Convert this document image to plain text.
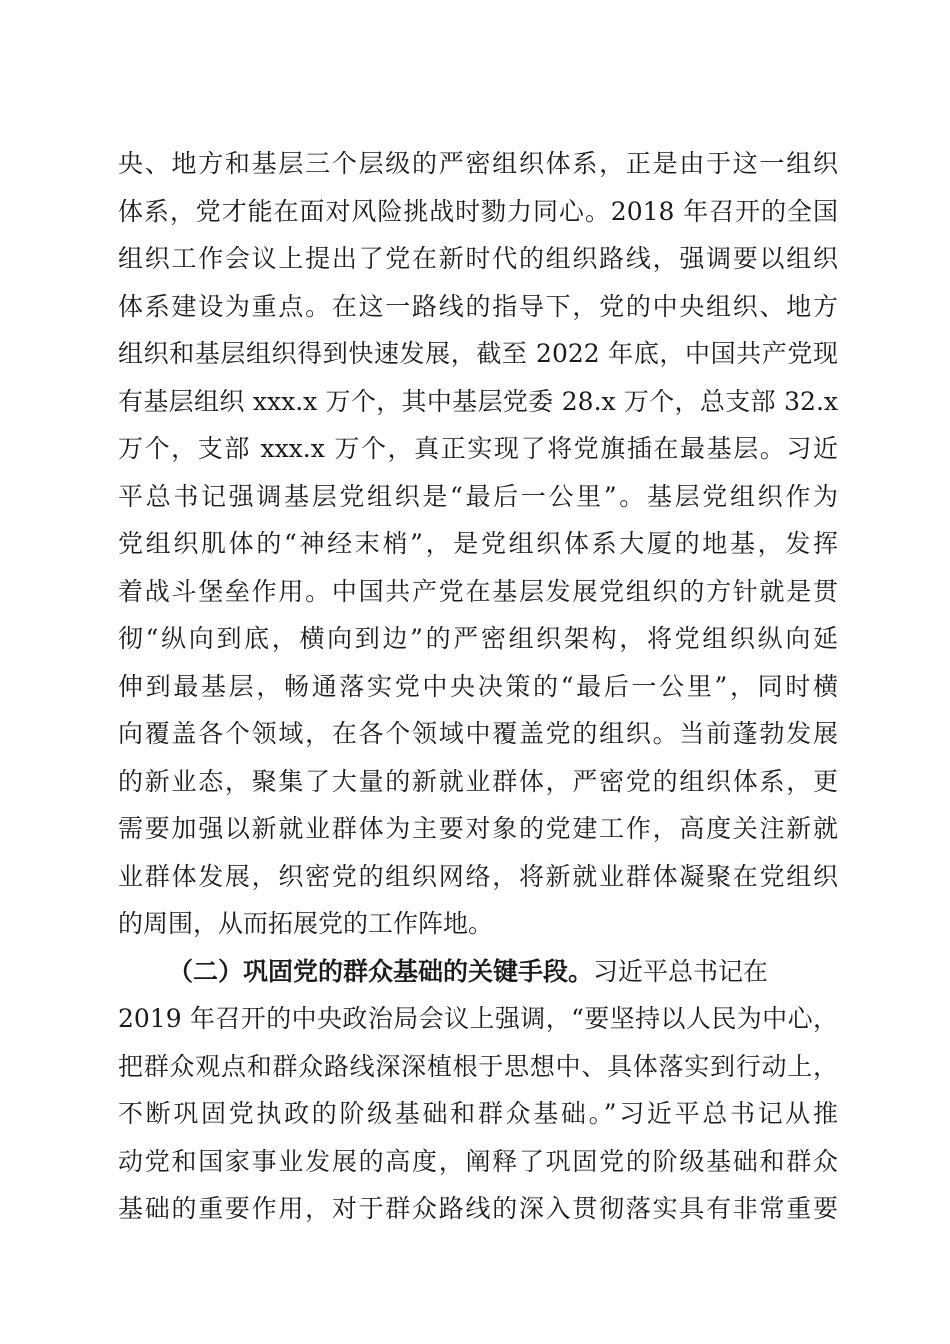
央、地方和基层三个层级的严密组织体系，正是由于这一组织
体系，党才能在面对风险挑战时勠力同心。2018 年召开的全国
组织工作会议上提出了党在新时代的组织路线，强调要以组织
体系建设为重点。在这一路线的指导下，党的中央组织、地方
组织和基层组织得到快速发展，截至 2022 年底，中国共产党现
有基层组织 xxx.x 万个，其中基层党委 28.x 万个，总支部 32.x
万个，支部 xxx.x 万个，真正实现了将党旗插在最基层。习近
平总书记强调基层党组织是“最后一公里”。基层党组织作为
党组织肌体的“神经末梢”，是党组织体系大厦的地基，发挥
着战斗堡垒作用。中国共产党在基层发展党组织的方针就是贯
彻“纵向到底，横向到边”的严密组织架构，将党组织纵向延
伸到最基层，畅通落实党中央决策的“最后一公里”，同时横
向覆盖各个领域，在各个领域中覆盖党的组织。当前蓬勃发展
的新业态，聚集了大量的新就业群体，严密党的组织体系，更
需要加强以新就业群体为主要对象的党建工作，高度关注新就
业群体发展，织密党的组织网络，将新就业群体凝聚在党组织
的周围，从而拓展党的工作阵地。
（二）巩固党的群众基础的关键手段。习近平总书记在
2019 年召开的中央政治局会议上强调，“要坚持以人民为中心，
把群众观点和群众路线深深植根于思想中、具体落实到行动上，
不断巩固党执政的阶级基础和群众基础。”习近平总书记从推
动党和国家事业发展的高度，阐释了巩固党的阶级基础和群众
基础的重要作用，对于群众路线的深入贯彻落实具有非常重要
